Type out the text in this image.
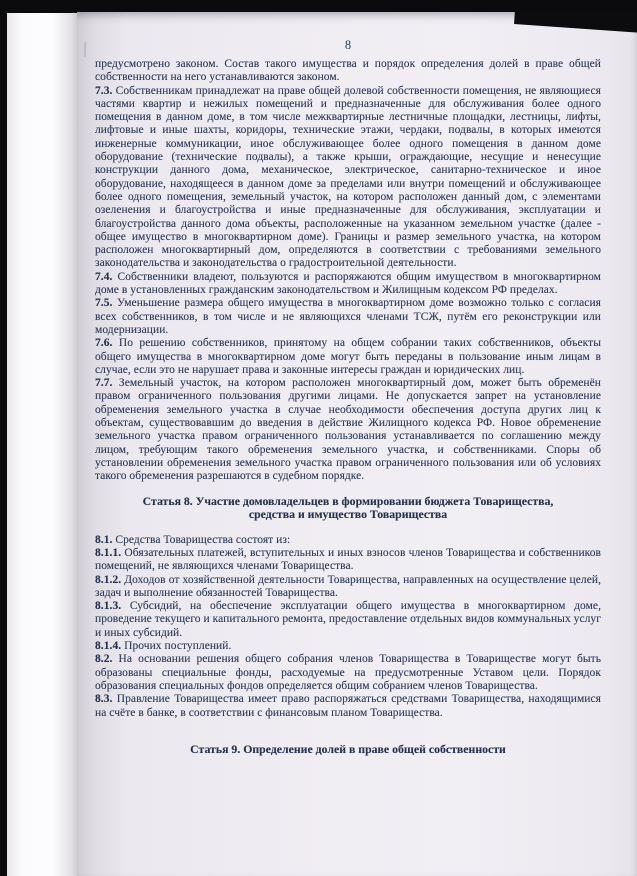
8

предусмотрено законом. Состав такого имущества и порядок определения долей в праве общей собственности на него устанавливаются законом.

7.3. Собственникам принадлежат на праве общей долевой собственности помещения, не являющиеся частями квартир и нежилых помещений и предназначенные для обслуживания более одного помещения в данном доме, в том числе межквартирные лестничные площадки, лестницы, лифты, лифтовые и иные шахты, коридоры, технические этажи, чердаки, подвалы, в которых имеются инженерные коммуникации, иное обслуживающее более одного помещения в данном доме оборудование (технические подвалы), а также крыши, ограждающие, несущие и ненесущие конструкции данного дома, механическое, электрическое, санитарно-техническое и иное оборудование, находящееся в данном доме за пределами или внутри помещений и обслуживающее более одного помещения, земельный участок, на котором расположен данный дом, с элементами озеленения и благоустройства и иные предназначенные для обслуживания, эксплуатации и благоустройства данного дома объекты, расположенные на указанном земельном участке (далее - общее имущество в многоквартирном доме). Границы и размер земельного участка, на котором расположен многоквартирный дом, определяются в соответствии с требованиями земельного законодательства и законодательства о градостроительной деятельности.

7.4. Собственники владеют, пользуются и распоряжаются общим имуществом в многоквартирном доме в установленных гражданским законодательством и Жилищным кодексом РФ пределах.

7.5. Уменьшение размера общего имущества в многоквартирном доме возможно только с согласия всех собственников, в том числе и не являющихся членами ТСЖ, путём его реконструкции или модернизации.

7.6. По решению собственников, принятому на общем собрании таких собственников, объекты общего имущества в многоквартирном доме могут быть переданы в пользование иным лицам в случае, если это не нарушает права и законные интересы граждан и юридических лиц.

7.7. Земельный участок, на котором расположен многоквартирный дом, может быть обременён правом ограниченного пользования другими лицами. Не допускается запрет на установление обременения земельного участка в случае необходимости обеспечения доступа других лиц к объектам, существовавшим до введения в действие Жилищного кодекса РФ. Новое обременение земельного участка правом ограниченного пользования устанавливается по соглашению между лицом, требующим такого обременения земельного участка, и собственниками. Споры об установлении обременения земельного участка правом ограниченного пользования или об условиях такого обременения разрешаются в судебном порядке.

Статья 8. Участие домовладельцев в формировании бюджета Товарищества, средства и имущество Товарищества

8.1. Средства Товарищества состоят из:

8.1.1. Обязательных платежей, вступительных и иных взносов членов Товарищества и собственников помещений, не являющихся членами Товарищества.

8.1.2. Доходов от хозяйственной деятельности Товарищества, направленных на осуществление целей, задач и выполнение обязанностей Товарищества.

8.1.3. Субсидий, на обеспечение эксплуатации общего имущества в многоквартирном доме, проведение текущего и капитального ремонта, предоставление отдельных видов коммунальных услуг и иных субсидий.

8.1.4. Прочих поступлений.

8.2. На основании решения общего собрания членов Товарищества в Товариществе могут быть образованы специальные фонды, расходуемые на предусмотренные Уставом цели. Порядок образования специальных фондов определяется общим собранием членов Товарищества.

8.3. Правление Товарищества имеет право распоряжаться средствами Товарищества, находящимися на счёте в банке, в соответствии с финансовым планом Товарищества.

Статья 9. Определение долей в праве общей собственности
